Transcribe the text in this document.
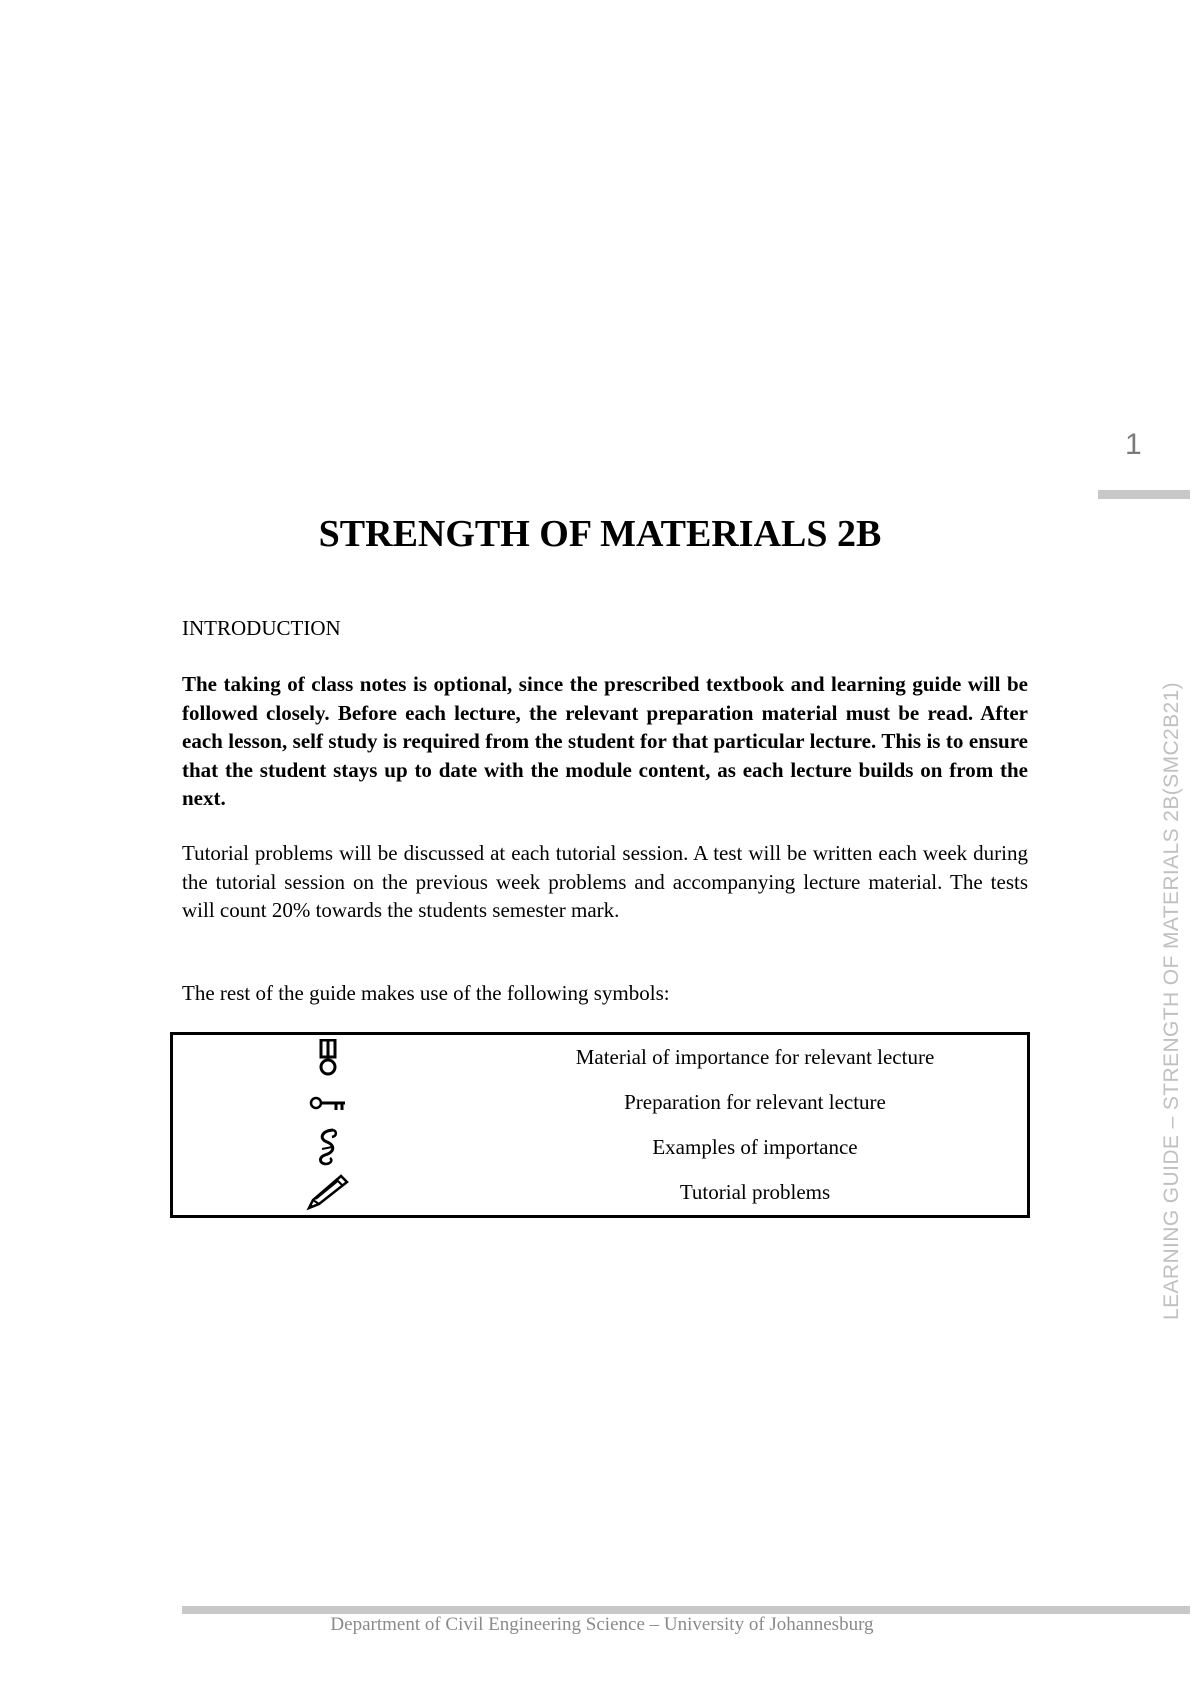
1
LEARNING GUIDE – STRENGTH OF MATERIALS 2B(SMC2B21)
STRENGTH OF MATERIALS 2B

INTRODUCTION

The taking of class notes is optional, since the prescribed textbook and learning guide will be followed closely. Before each lecture, the relevant preparation material must be read. After each lesson, self study is required from the student for that particular lecture. This is to ensure that the student stays up to date with the module content, as each lecture builds on from the next.

Tutorial problems will be discussed at each tutorial session. A test will be written each week during the tutorial session on the previous week problems and accompanying lecture material. The tests will count 20% towards the students semester mark.

The rest of the guide makes use of the following symbols:

	Material of importance for relevant lecture
	Preparation for relevant lecture
	Examples of importance
	Tutorial problems
Department of Civil Engineering Science – University of Johannesburg
